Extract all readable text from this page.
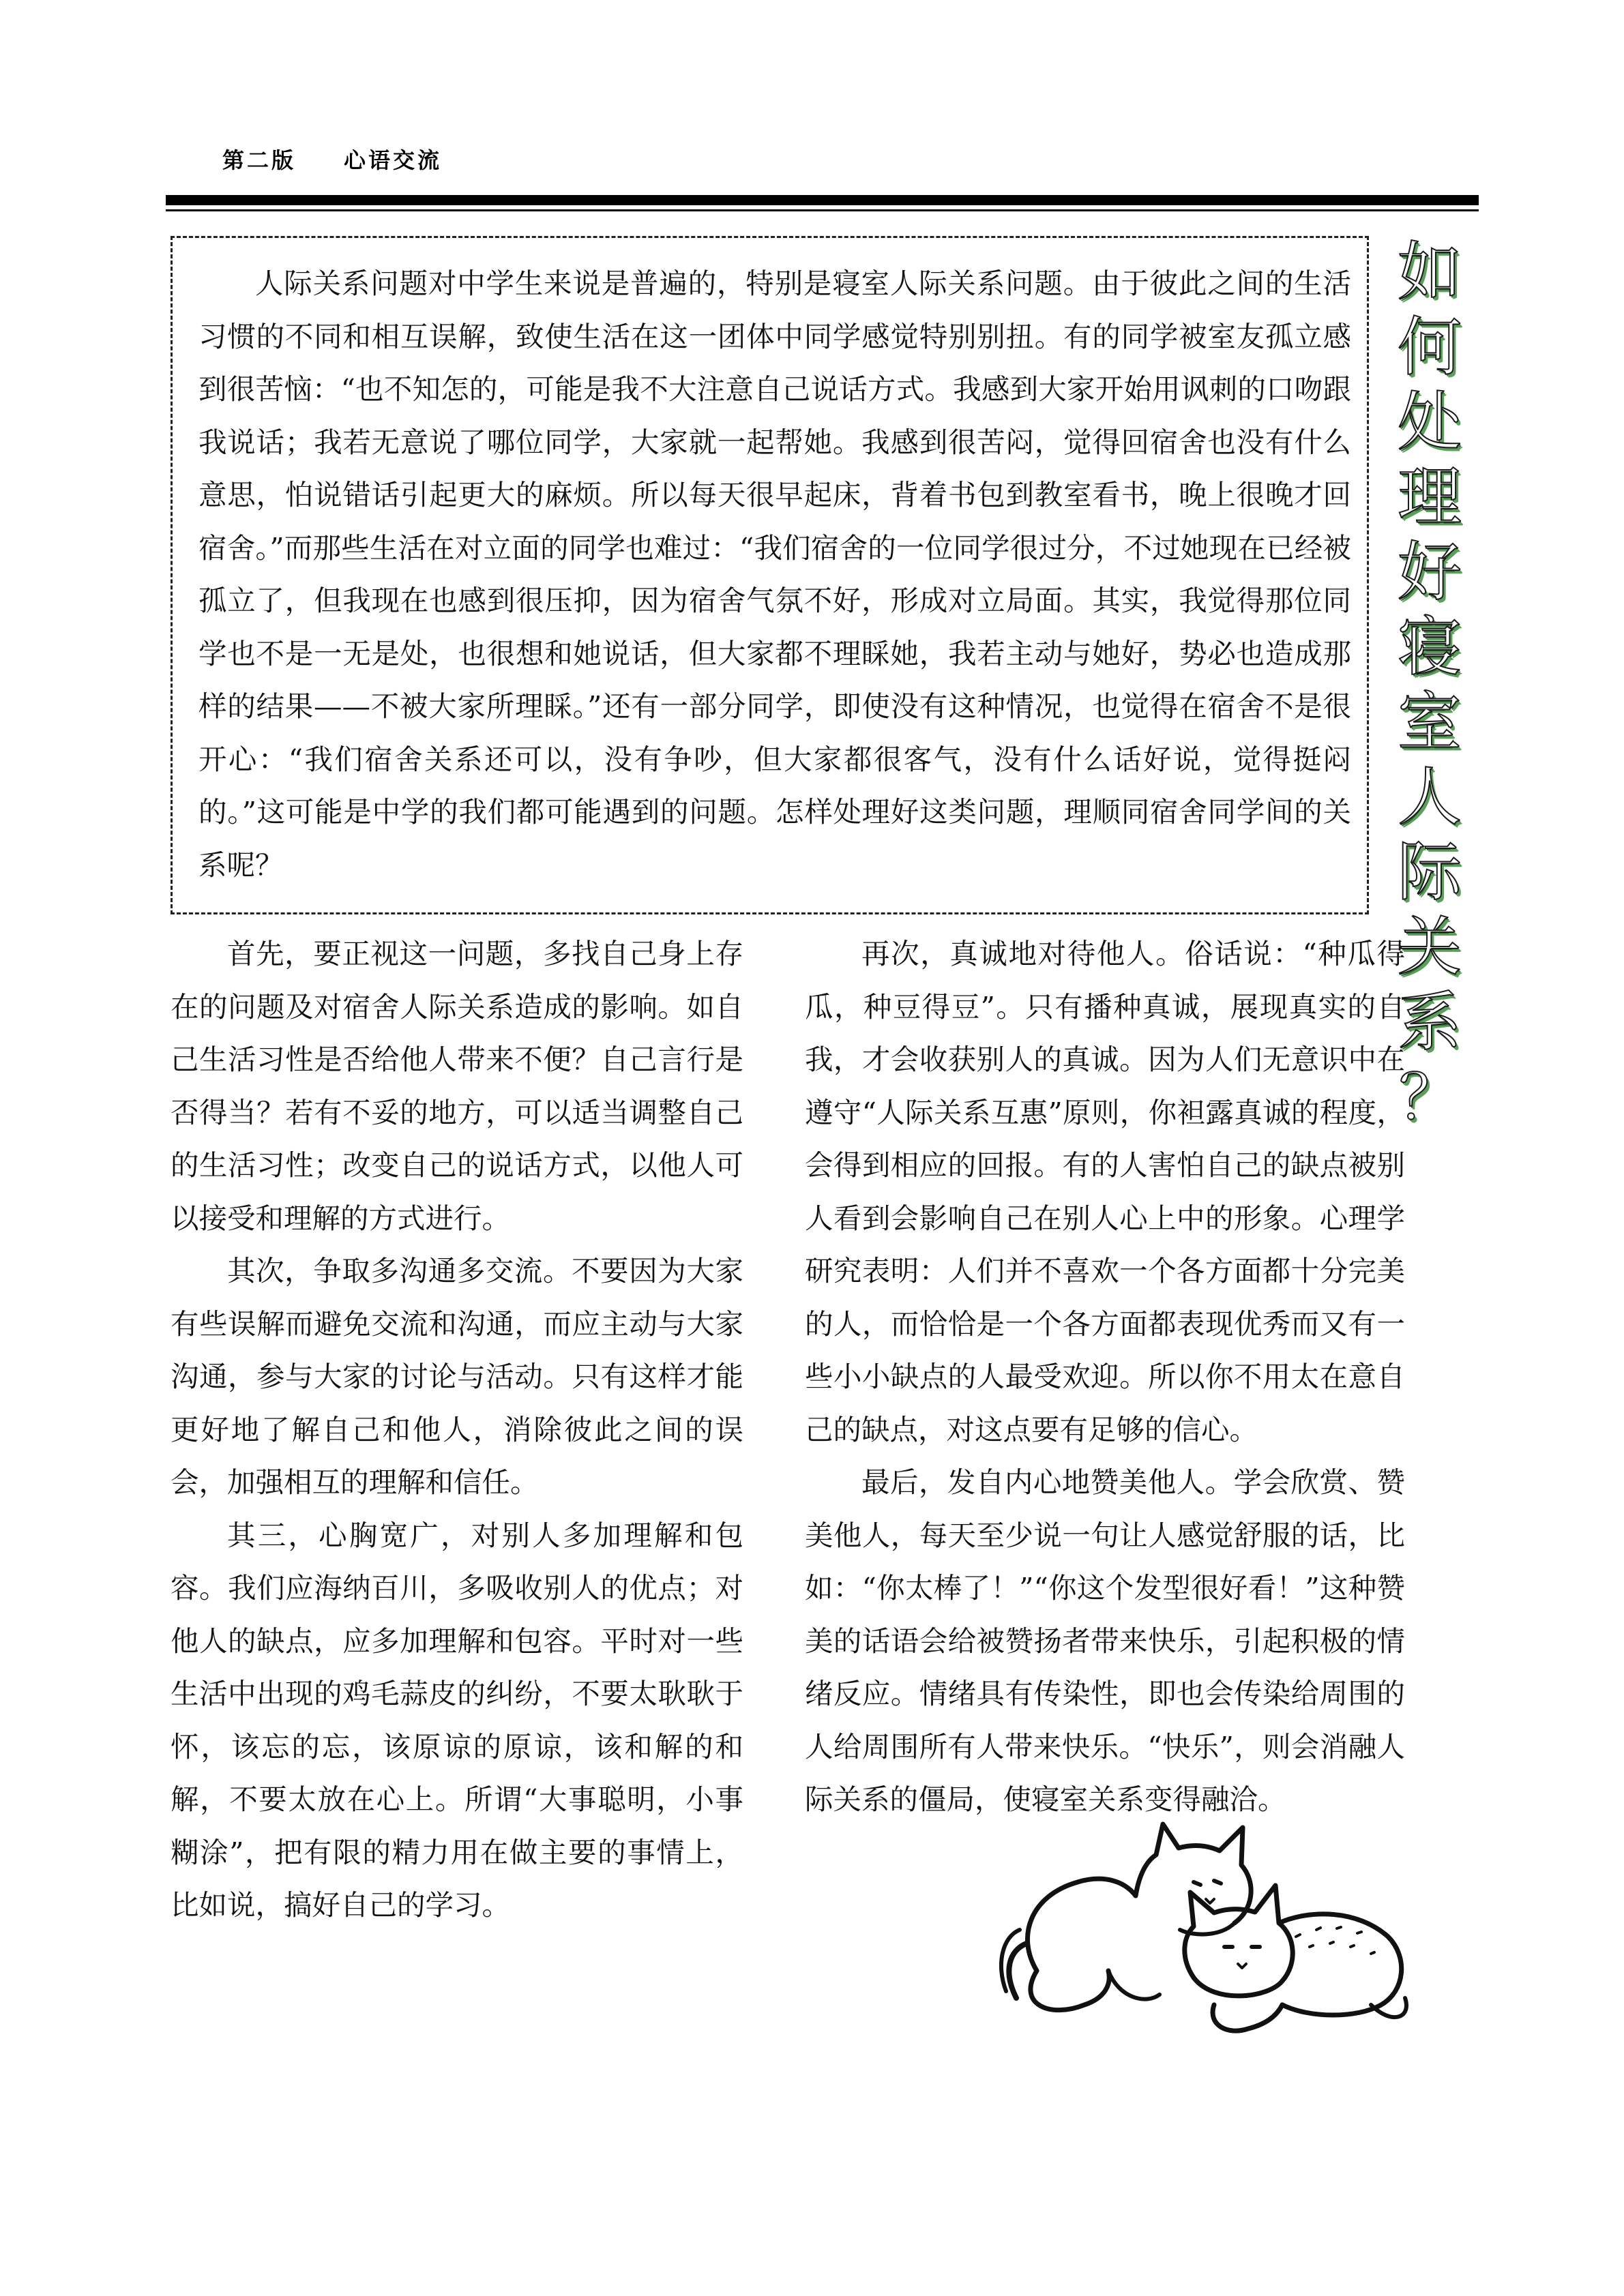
第二版 心语交流

人际关系问题对中学生来说是普遍的，特别是寝室人际关系问题。由于彼此之间的生活习惯的不同和相互误解，致使生活在这一团体中同学感觉特别别扭。有的同学被室友孤立感到很苦恼：“也不知怎的，可能是我不大注意自己说话方式。我感到大家开始用讽刺的口吻跟我说话；我若无意说了哪位同学，大家就一起帮她。我感到很苦闷，觉得回宿舍也没有什么意思，怕说错话引起更大的麻烦。所以每天很早起床，背着书包到教室看书，晚上很晚才回宿舍。”而那些生活在对立面的同学也难过：“我们宿舍的一位同学很过分，不过她现在已经被孤立了，但我现在也感到很压抑，因为宿舍气氛不好，形成对立局面。其实，我觉得那位同学也不是一无是处，也很想和她说话，但大家都不理睬她，我若主动与她好，势必也造成那样的结果——不被大家所理睬。”还有一部分同学，即使没有这种情况，也觉得在宿舍不是很开心：“我们宿舍关系还可以，没有争吵，但大家都很客气，没有什么话好说，觉得挺闷的。”这可能是中学的我们都可能遇到的问题。怎样处理好这类问题，理顺同宿舍同学间的关系呢？

如
何
处
理
好
寝
室
人
际
关
系
？

首先，要正视这一问题，多找自己身上存在的问题及对宿舍人际关系造成的影响。如自己生活习性是否给他人带来不便？自己言行是否得当？若有不妥的地方，可以适当调整自己的生活习性；改变自己的说话方式，以他人可以接受和理解的方式进行。

其次，争取多沟通多交流。不要因为大家有些误解而避免交流和沟通，而应主动与大家沟通，参与大家的讨论与活动。只有这样才能更好地了解自己和他人，消除彼此之间的误会，加强相互的理解和信任。

其三，心胸宽广，对别人多加理解和包容。我们应海纳百川，多吸收别人的优点；对他人的缺点，应多加理解和包容。平时对一些生活中出现的鸡毛蒜皮的纠纷，不要太耿耿于怀，该忘的忘，该原谅的原谅，该和解的和解，不要太放在心上。所谓“大事聪明，小事糊涂”，把有限的精力用在做主要的事情上，比如说，搞好自己的学习。

再次，真诚地对待他人。俗话说：“种瓜得瓜，种豆得豆”。只有播种真诚，展现真实的自我，才会收获别人的真诚。因为人们无意识中在遵守“人际关系互惠”原则，你袒露真诚的程度，会得到相应的回报。有的人害怕自己的缺点被别人看到会影响自己在别人心上中的形象。心理学研究表明：人们并不喜欢一个各方面都十分完美的人，而恰恰是一个各方面都表现优秀而又有一些小小缺点的人最受欢迎。所以你不用太在意自己的缺点，对这点要有足够的信心。

最后，发自内心地赞美他人。学会欣赏、赞美他人，每天至少说一句让人感觉舒服的话，比如：“你太棒了！”“你这个发型很好看！”这种赞美的话语会给被赞扬者带来快乐，引起积极的情绪反应。情绪具有传染性，即也会传染给周围的人给周围所有人带来快乐。“快乐”，则会消融人际关系的僵局，使寝室关系变得融洽。
